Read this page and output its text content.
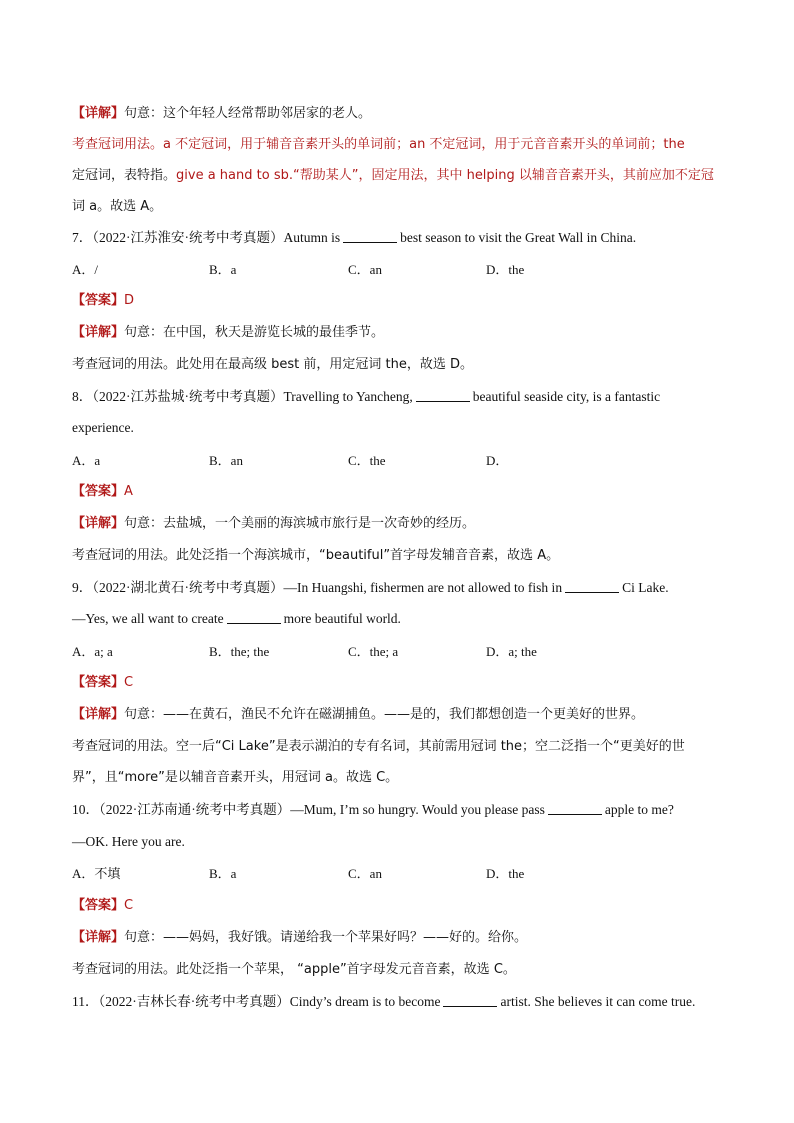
【详解】句意：这个年轻人经常帮助邻居家的老人。
考查冠词用法。a 不定冠词，用于辅音音素开头的单词前；an 不定冠词，用于元音音素开头的单词前；the
定冠词，表特指。give a hand to sb.“帮助某人”，固定用法，其中 helping 以辅音音素开头，其前应加不定冠
词 a。故选 A。
7．（2022·江苏淮安·统考中考真题）Autumn is	best season to visit the Great Wall in China.
A．/	B．a	C．an	D．the
【答案】D
【详解】句意：在中国，秋天是游览长城的最佳季节。
考查冠词的用法。此处用在最高级 best 前，用定冠词 the，故选 D。
8．（2022·江苏盐城·统考中考真题）Travelling to Yancheng,	beautiful seaside city, is a fantastic
experience.
A．a	B．an	C．the	D．
【答案】A
【详解】句意：去盐城，一个美丽的海滨城市旅行是一次奇妙的经历。
考查冠词的用法。此处泛指一个海滨城市，“beautiful”首字母发辅音音素，故选 A。
9．（2022·湖北黄石·统考中考真题）—In Huangshi, fishermen are not allowed to fish in	Ci Lake.
—Yes, we all want to create	more beautiful world.
A．a; a	B．the; the	C．the; a	D．a; the
【答案】C
【详解】句意：——在黄石，渔民不允许在磁湖捕鱼。——是的，我们都想创造一个更美好的世界。
考查冠词的用法。空一后“Ci Lake”是表示湖泊的专有名词，其前需用冠词 the；空二泛指一个“更美好的世
界”，且“more”是以辅音音素开头，用冠词 a。故选 C。
10．（2022·江苏南通·统考中考真题）—Mum, I’m so hungry. Would you please pass	apple to me?
—OK. Here you are.
A．不填	B．a	C．an	D．the
【答案】C
【详解】句意：——妈妈，我好饿。请递给我一个苹果好吗？——好的。给你。
考查冠词的用法。此处泛指一个苹果， “apple”首字母发元音音素，故选 C。
11．（2022·吉林长春·统考中考真题）Cindy’s dream is to become	artist. She believes it can come true.
